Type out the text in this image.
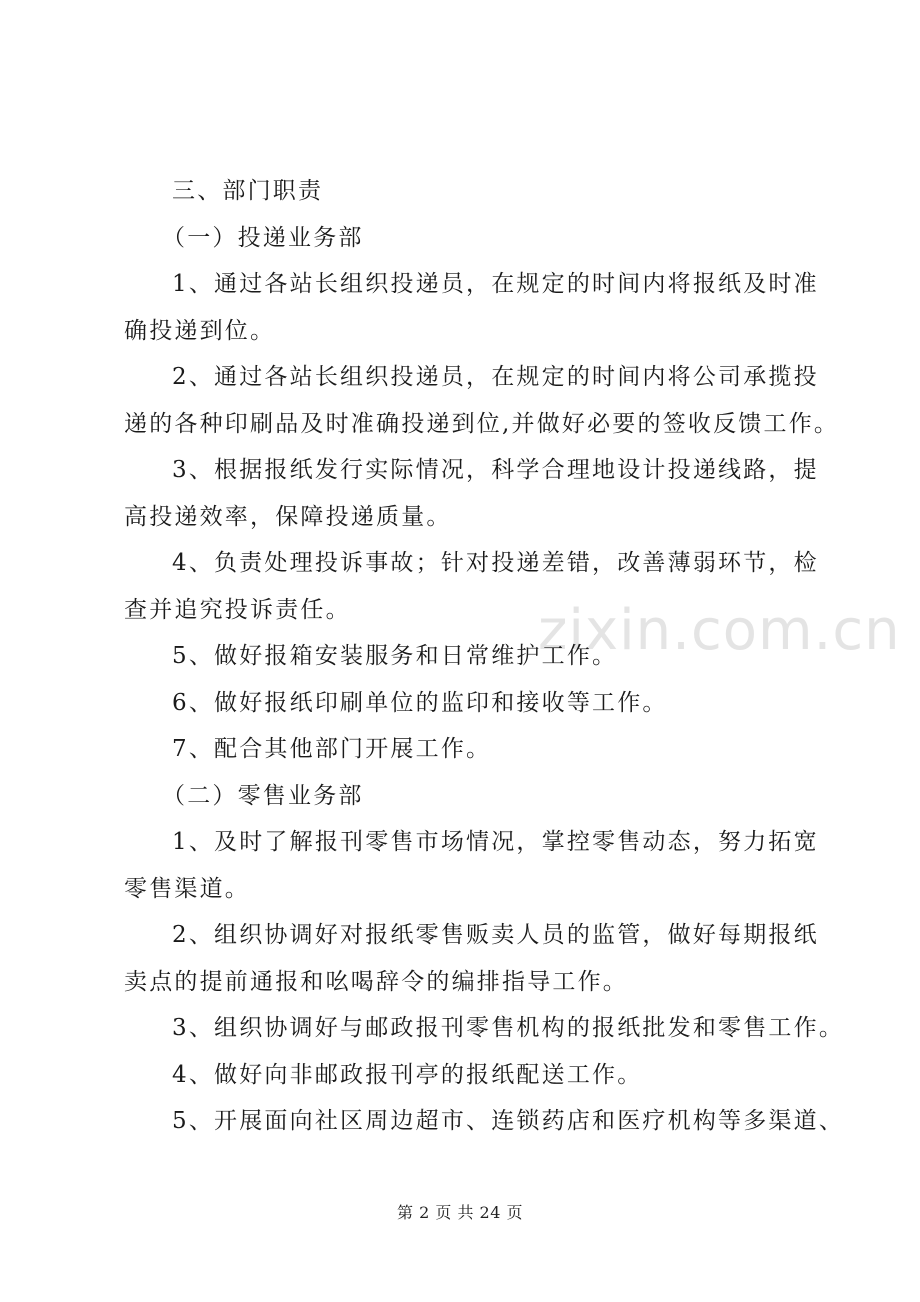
zixin.com.cn
三、部门职责
（一）投递业务部
1、通过各站长组织投递员，在规定的时间内将报纸及时准
确投递到位。
2、通过各站长组织投递员，在规定的时间内将公司承揽投
递的各种印刷品及时准确投递到位,并做好必要的签收反馈工作。
3、根据报纸发行实际情况，科学合理地设计投递线路，提
高投递效率，保障投递质量。
4、负责处理投诉事故；针对投递差错，改善薄弱环节，检
查并追究投诉责任。
5、做好报箱安装服务和日常维护工作。
6、做好报纸印刷单位的监印和接收等工作。
7、配合其他部门开展工作。
（二）零售业务部
1、及时了解报刊零售市场情况，掌控零售动态，努力拓宽
零售渠道。
2、组织协调好对报纸零售贩卖人员的监管，做好每期报纸
卖点的提前通报和吆喝辞令的编排指导工作。
3、组织协调好与邮政报刊零售机构的报纸批发和零售工作。
4、做好向非邮政报刊亭的报纸配送工作。
5、开展面向社区周边超市、连锁药店和医疗机构等多渠道、
第 2 页 共 24 页
